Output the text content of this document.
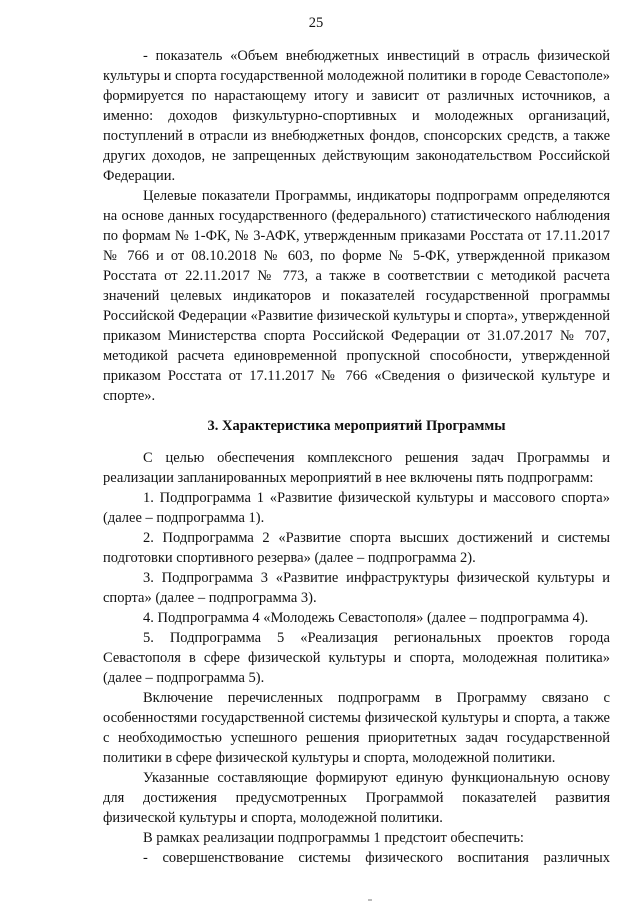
25

- показатель «Объем внебюджетных инвестиций в отрасль физической культуры и спорта государственной молодежной политики в городе Севастополе» формируется по нарастающему итогу и зависит от различных источников, а именно: доходов физкультурно-спортивных и молодежных организаций, поступлений в отрасли из внебюджетных фондов, спонсорских средств, а также других доходов, не запрещенных действующим законодательством Российской Федерации.

Целевые показатели Программы, индикаторы подпрограмм определяются на основе данных государственного (федерального) статистического наблюдения по формам № 1-ФК, № 3-АФК, утвержденным приказами Росстата от 17.11.2017 № 766 и от 08.10.2018 № 603, по форме № 5-ФК, утвержденной приказом Росстата от 22.11.2017 № 773, а также в соответствии с методикой расчета значений целевых индикаторов и показателей государственной программы Российской Федерации «Развитие физической культуры и спорта», утвержденной приказом Министерства спорта Российской Федерации от 31.07.2017 № 707, методикой расчета единовременной пропускной способности, утвержденной приказом Росстата от 17.11.2017 № 766 «Сведения о физической культуре и спорте».

3. Характеристика мероприятий Программы

С целью обеспечения комплексного решения задач Программы и реализации запланированных мероприятий в нее включены пять подпрограмм:

1. Подпрограмма 1 «Развитие физической культуры и массового спорта» (далее – подпрограмма 1).

2. Подпрограмма 2 «Развитие спорта высших достижений и системы подготовки спортивного резерва» (далее – подпрограмма 2).

3. Подпрограмма 3 «Развитие инфраструктуры физической культуры и спорта» (далее – подпрограмма 3).

4. Подпрограмма 4 «Молодежь Севастополя» (далее – подпрограмма 4).

5. Подпрограмма 5 «Реализация региональных проектов города Севастополя в сфере физической культуры и спорта, молодежная политика» (далее – подпрограмма 5).

Включение перечисленных подпрограмм в Программу связано с особенностями государственной системы физической культуры и спорта, а также с необходимостью успешного решения приоритетных задач государственной политики в сфере физической культуры и спорта, молодежной политики.

Указанные составляющие формируют единую функциональную основу для достижения предусмотренных Программой показателей развития физической культуры и спорта, молодежной политики.

В рамках реализации подпрограммы 1 предстоит обеспечить:

- совершенствование системы физического воспитания различных
